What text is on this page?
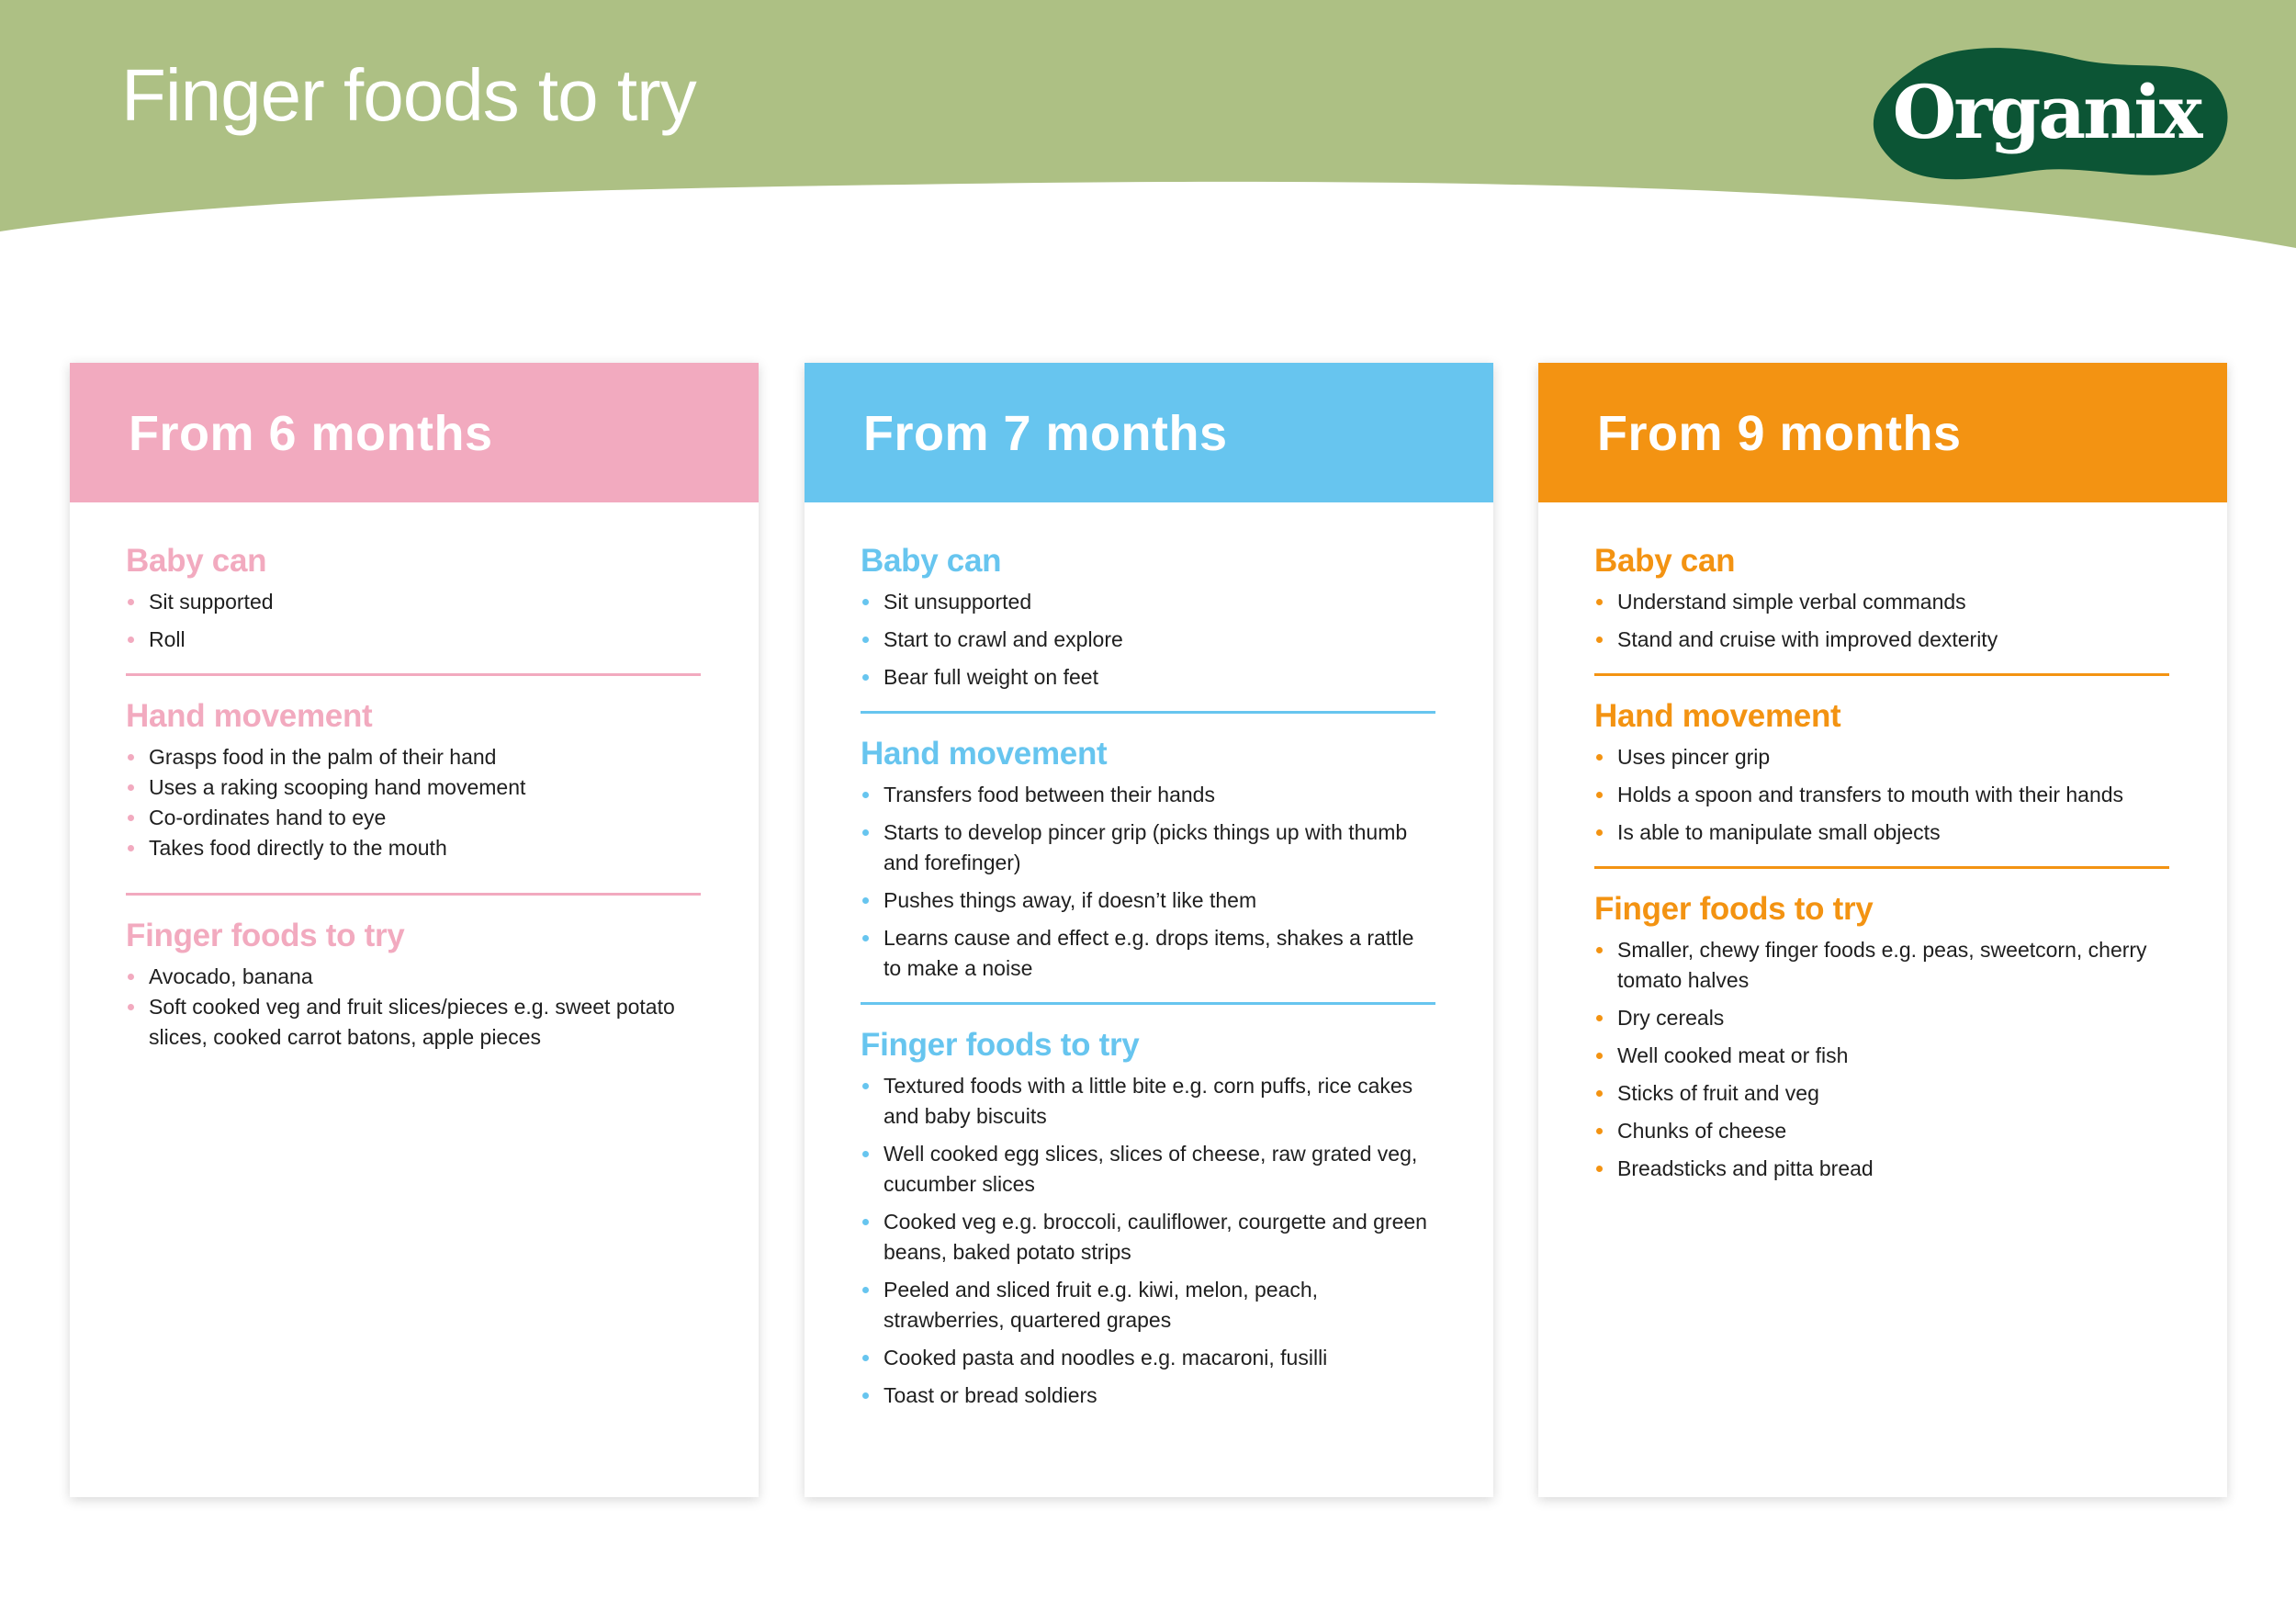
Finger foods to try	Organix
From 6 months
Baby can
Sit supported
Roll
Hand movement
Grasps food in the palm of their hand
Uses a raking scooping hand movement
Co-ordinates hand to eye
Takes food directly to the mouth
Finger foods to try
Avocado, banana
Soft cooked veg and fruit slices/pieces e.g. sweet potato slices, cooked carrot batons, apple pieces
From 7 months
Baby can
Sit unsupported
Start to crawl and explore
Bear full weight on feet
Hand movement
Transfers food between their hands
Starts to develop pincer grip (picks things up with thumb and forefinger)
Pushes things away, if doesn’t like them
Learns cause and effect e.g. drops items, shakes a rattle to make a noise
Finger foods to try
Textured foods with a little bite e.g. corn puffs, rice cakes and baby biscuits
Well cooked egg slices, slices of cheese, raw grated veg, cucumber slices
Cooked veg e.g. broccoli, cauliflower, courgette and green beans, baked potato strips
Peeled and sliced fruit e.g. kiwi, melon, peach, strawberries, quartered grapes
Cooked pasta and noodles e.g. macaroni, fusilli
Toast or bread soldiers
From 9 months
Baby can
Understand simple verbal commands
Stand and cruise with improved dexterity
Hand movement
Uses pincer grip
Holds a spoon and transfers to mouth with their hands
Is able to manipulate small objects
Finger foods to try
Smaller, chewy finger foods e.g. peas, sweetcorn, cherry tomato halves
Dry cereals
Well cooked meat or fish
Sticks of fruit and veg
Chunks of cheese
Breadsticks and pitta bread
